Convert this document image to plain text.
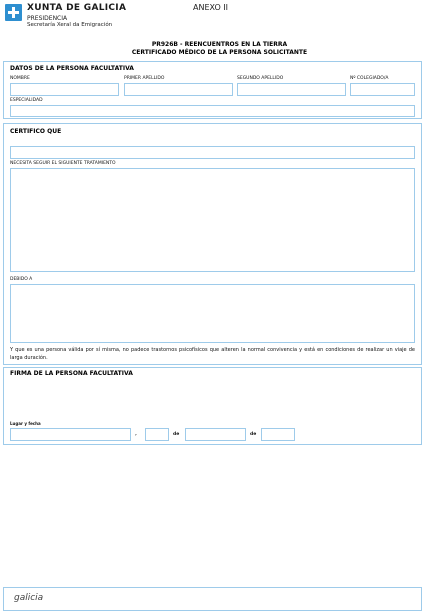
XUNTA DE GALICIA
PRESIDENCIA
Secretaría Xeral da Emigración
ANEXO II
PR926B - REENCUENTROS EN LA TIERRA
CERTIFICADO MÉDICO DE LA PERSONA SOLICITANTE
DATOS DE LA PERSONA FACULTATIVA
NOMBRE	PRIMER APELLIDO	SEGUNDO APELLIDO	Nº COLEGIADO/A
ESPECIALIDAD
CERTIFICO QUE
NECESITA SEGUIR EL SIGUIENTE TRATAMIENTO
DEBIDO A
Y que es una persona válida por sí misma, no padece trastornos psicofísicos que alteren la normal convivencia y está en condiciones de realizar un viaje de larga duración.
FIRMA DE LA PERSONA FACULTATIVA
Lugar y fecha
,	de	de
galicia
